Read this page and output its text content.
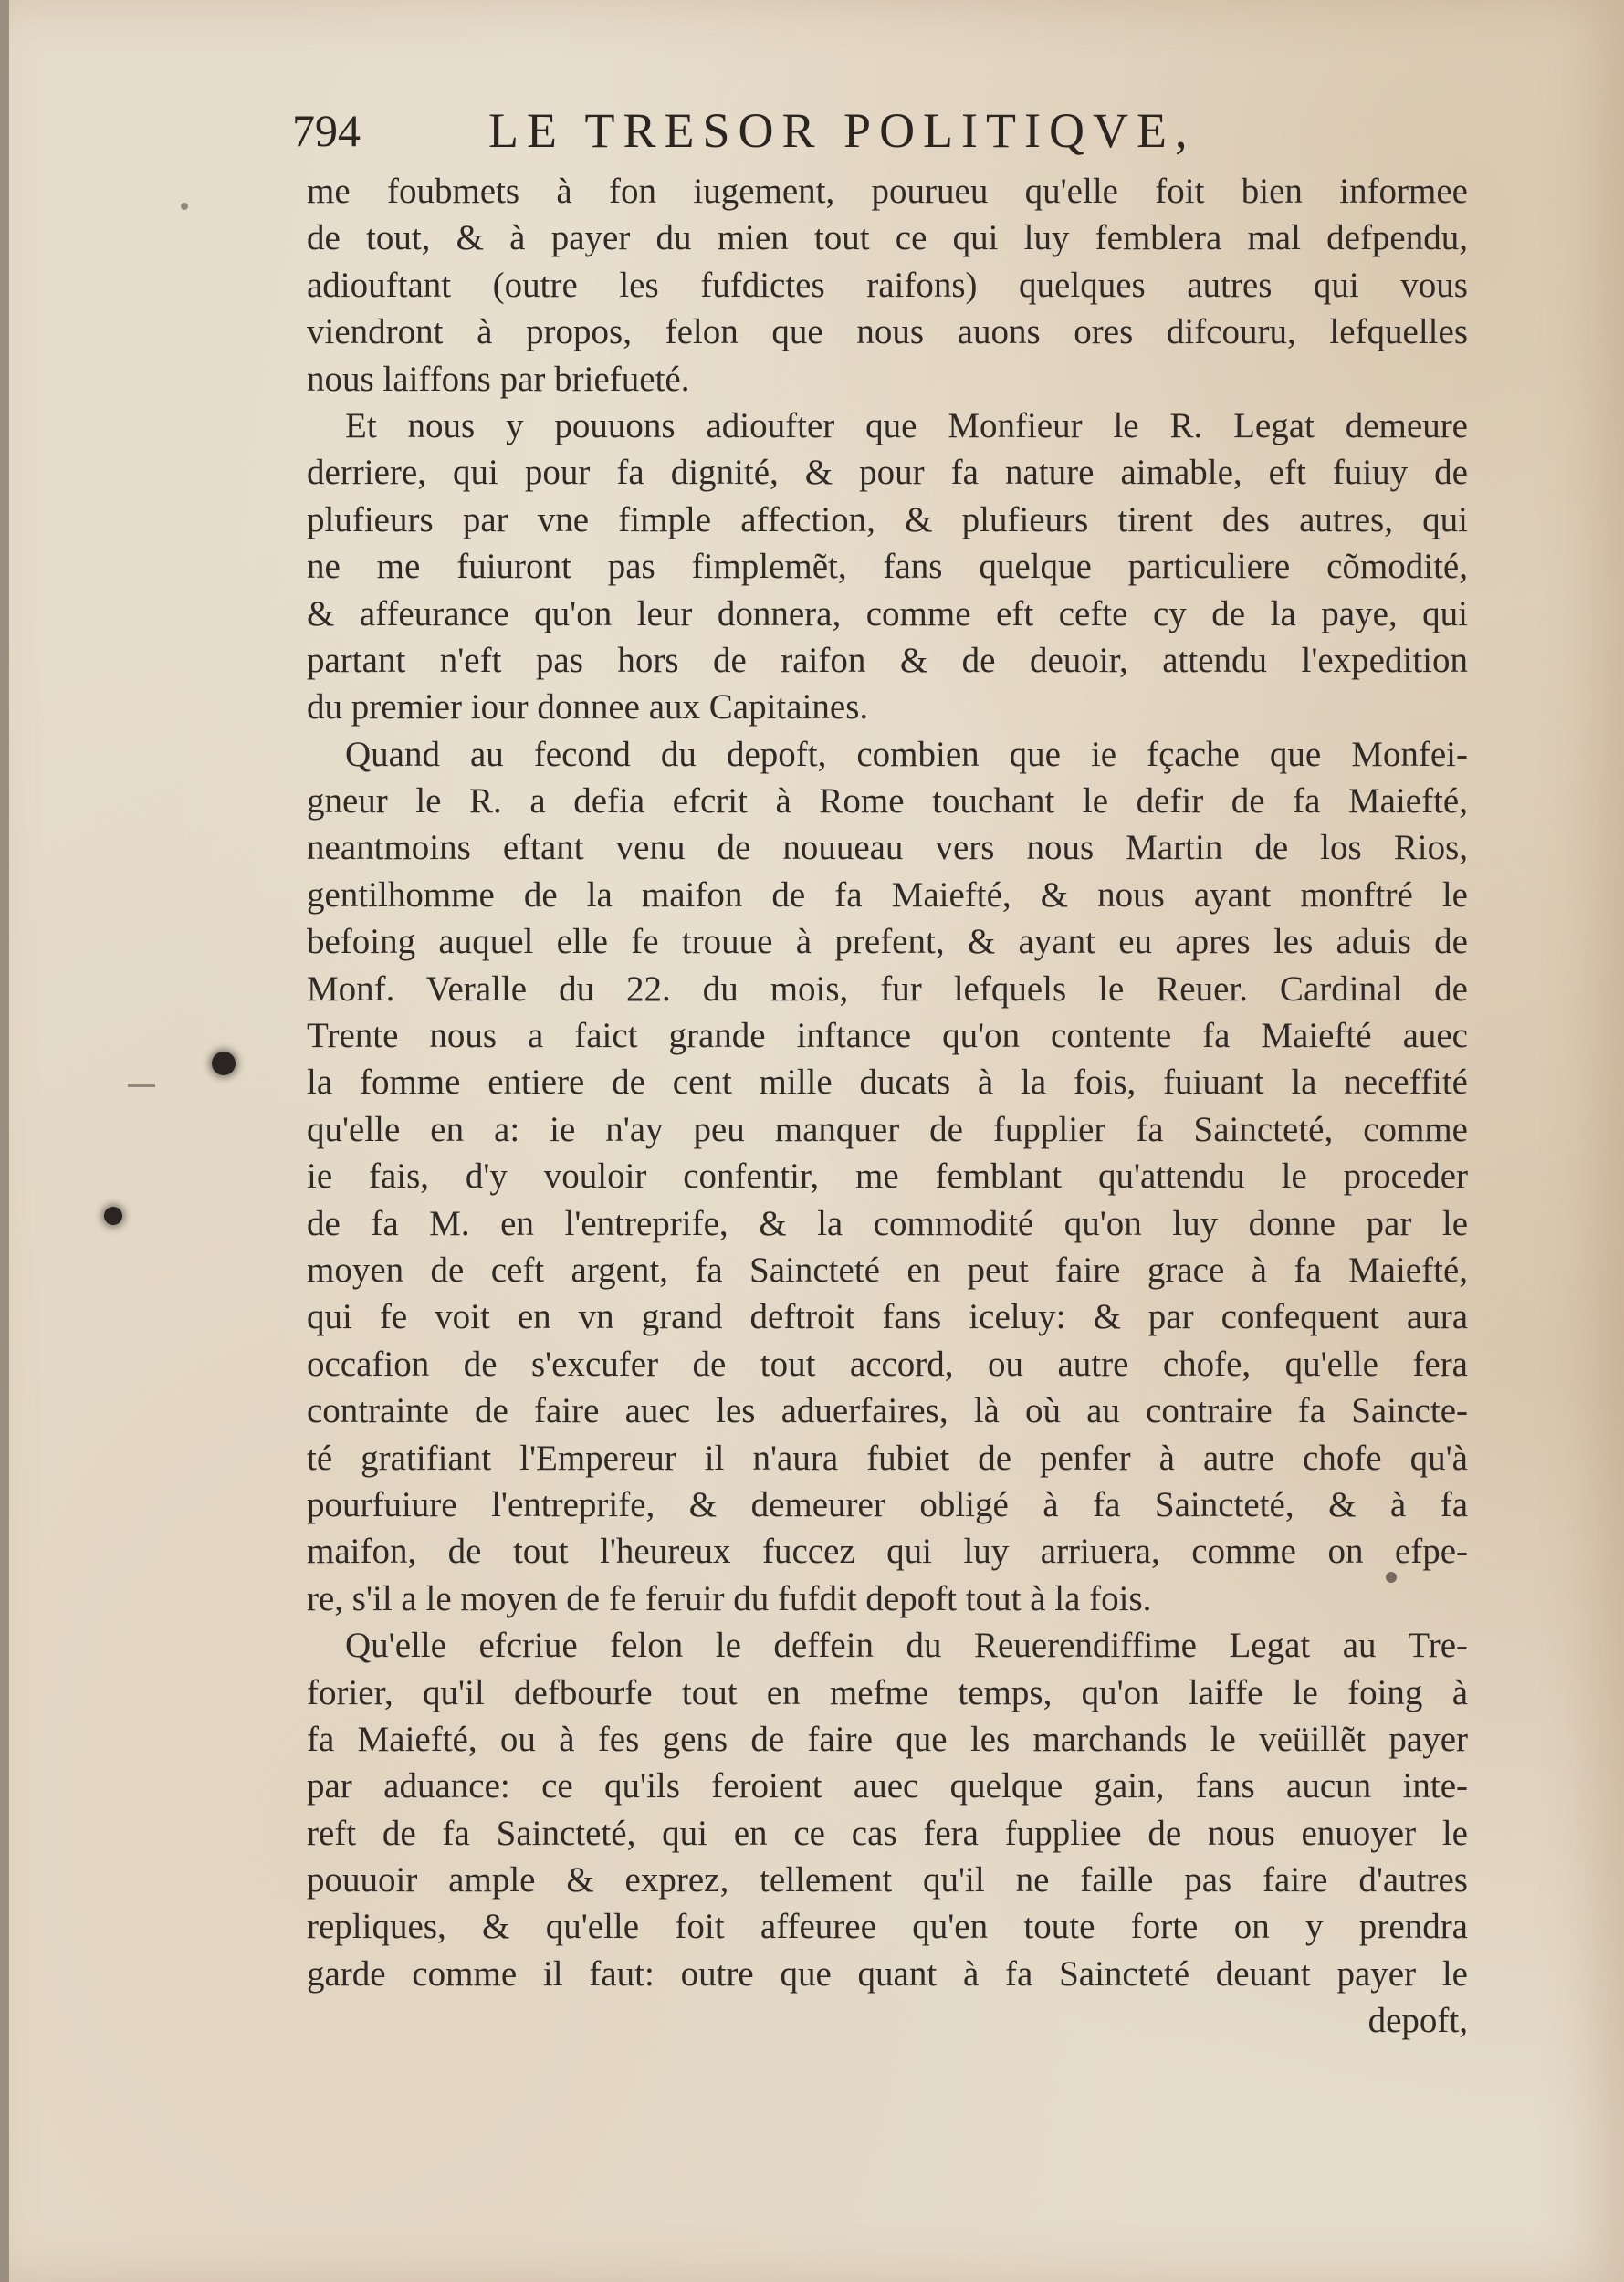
794	LE TRESOR POLITIQVE,
me foubmets à fon iugement, pourueu qu'elle foit bien informee
de tout, & à payer du mien tout ce qui luy femblera mal defpendu,
adiouftant (outre les fufdictes raifons) quelques autres qui vous
viendront à propos, felon que nous auons ores difcouru, lefquelles
nous laiffons par briefueté.
Et nous y pouuons adioufter que Monfieur le R. Legat demeure
derriere, qui pour fa dignité, & pour fa nature aimable, eft fuiuy de
plufieurs par vne fimple affection, & plufieurs tirent des autres, qui
ne me fuiuront pas fimplemẽt, fans quelque particuliere cõmodité,
& affeurance qu'on leur donnera, comme eft cefte cy de la paye, qui
partant n'eft pas hors de raifon & de deuoir, attendu l'expedition
du premier iour donnee aux Capitaines.
Quand au fecond du depoft, combien que ie fçache que Monfei-
gneur le R. a defia efcrit à Rome touchant le defir de fa Maiefté,
neantmoins eftant venu de nouueau vers nous Martin de los Rios,
gentilhomme de la maifon de fa Maiefté, & nous ayant monftré le
befoing auquel elle fe trouue à prefent, & ayant eu apres les aduis de
Monf. Veralle du 22. du mois, fur lefquels le Reuer. Cardinal de
Trente nous a faict grande inftance qu'on contente fa Maiefté auec
la fomme entiere de cent mille ducats à la fois, fuiuant la neceffité
qu'elle en a: ie n'ay peu manquer de fupplier fa Saincteté, comme
ie fais, d'y vouloir confentir, me femblant qu'attendu le proceder
de fa M. en l'entreprife, & la commodité qu'on luy donne par le
moyen de ceft argent, fa Saincteté en peut faire grace à fa Maiefté,
qui fe voit en vn grand deftroit fans iceluy: & par confequent aura
occafion de s'excufer de tout accord, ou autre chofe, qu'elle fera
contrainte de faire auec les aduerfaires, là où au contraire fa Saincte-
té gratifiant l'Empereur il n'aura fubiet de penfer à autre chofe qu'à
pourfuiure l'entreprife, & demeurer obligé à fa Saincteté, & à fa
maifon, de tout l'heureux fuccez qui luy arriuera, comme on efpe-
re, s'il a le moyen de fe feruir du fufdit depoft tout à la fois.
Qu'elle efcriue felon le deffein du Reuerendiffime Legat au Tre-
forier, qu'il defbourfe tout en mefme temps, qu'on laiffe le foing à
fa Maiefté, ou à fes gens de faire que les marchands le veüillẽt payer
par aduance: ce qu'ils feroient auec quelque gain, fans aucun inte-
reft de fa Saincteté, qui en ce cas fera fuppliee de nous enuoyer le
pouuoir ample & exprez, tellement qu'il ne faille pas faire d'autres
repliques, & qu'elle foit affeuree qu'en toute forte on y prendra
garde comme il faut: outre que quant à fa Saincteté deuant payer le
depoft,
